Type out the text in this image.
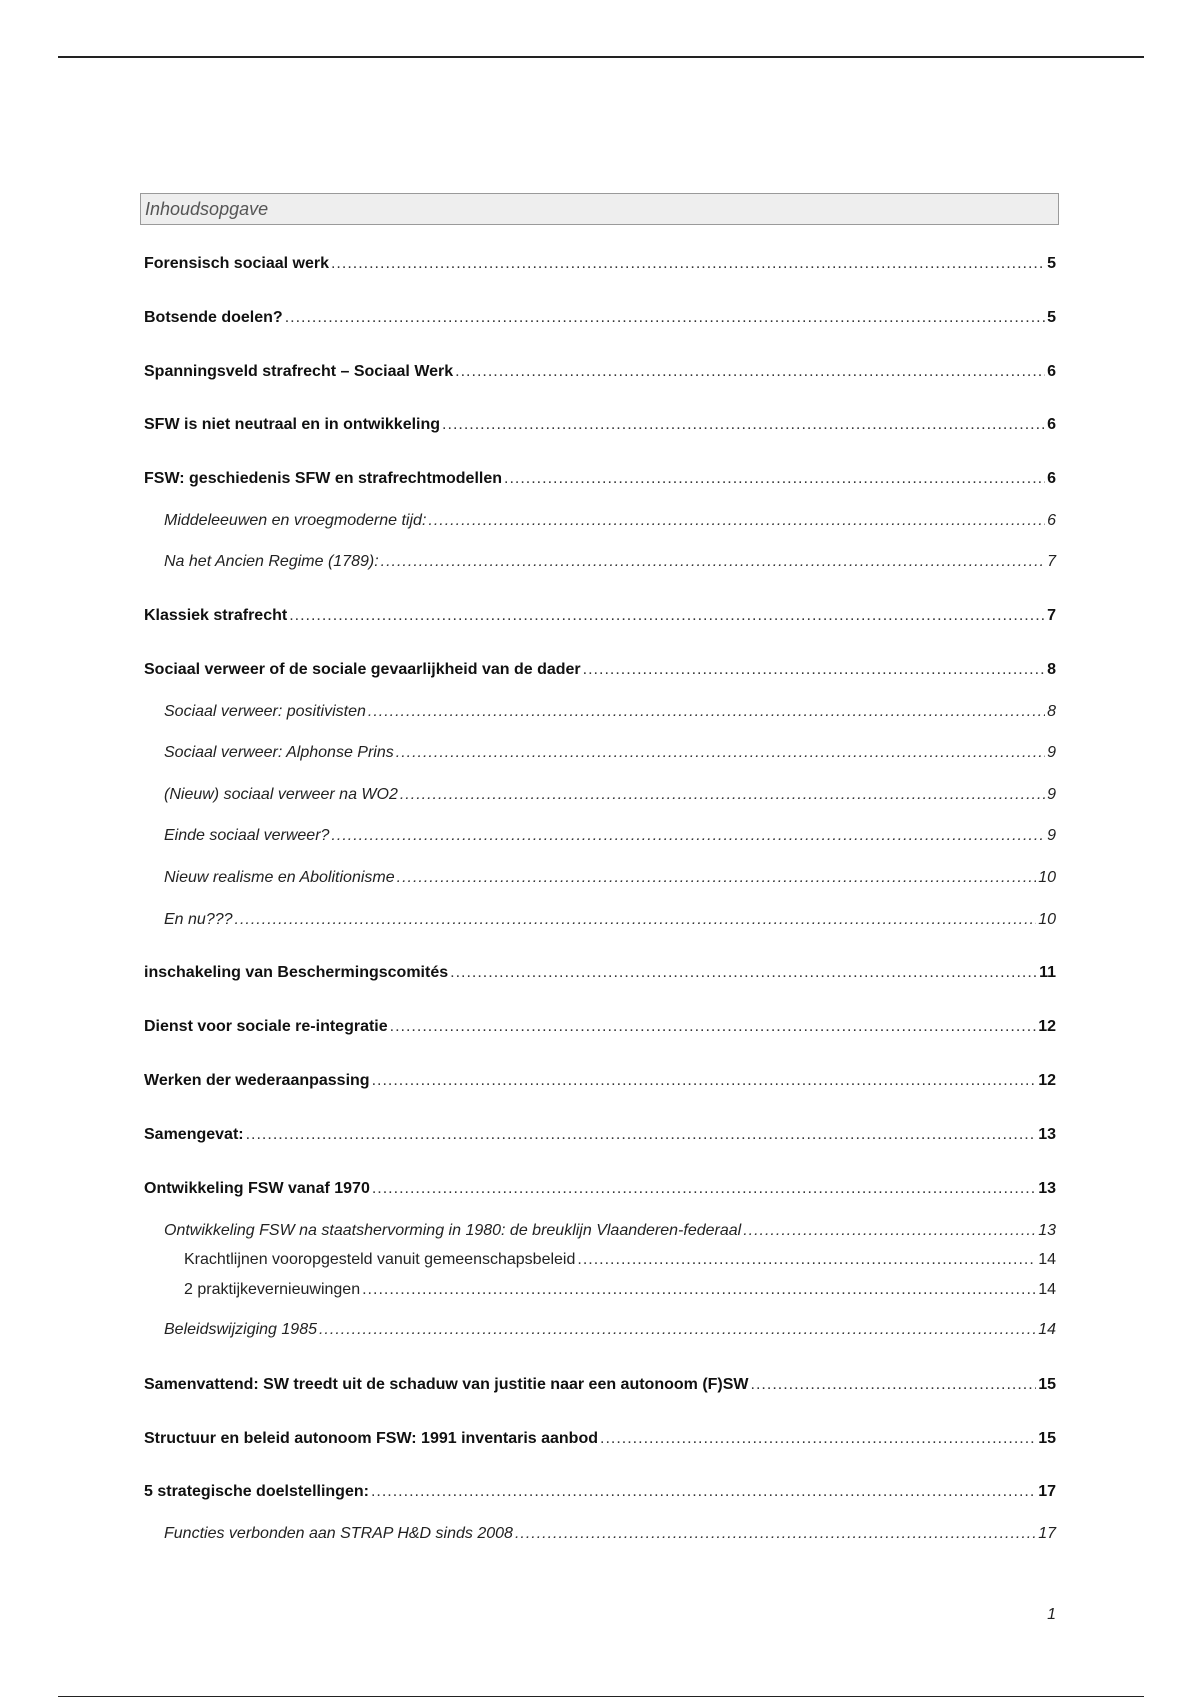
Inhoudsopgave
Forensisch sociaal werk .....	5
Botsende doelen? .....	5
Spanningsveld strafrecht – Sociaal Werk .....	6
SFW is niet neutraal en in ontwikkeling .....	6
FSW: geschiedenis SFW en strafrechtmodellen .....	6
Middeleeuwen en vroegmoderne tijd: .....	6
Na het Ancien Regime (1789): .....	7
Klassiek strafrecht .....	7
Sociaal verweer of de sociale gevaarlijkheid van de dader .....	8
Sociaal verweer: positivisten .....	8
Sociaal verweer: Alphonse Prins .....	9
(Nieuw) sociaal verweer na WO2 .....	9
Einde sociaal verweer? .....	9
Nieuw realisme en Abolitionisme .....	10
En nu??? .....	10
inschakeling van Beschermingscomités .....	11
Dienst voor sociale re-integratie .....	12
Werken der wederaanpassing .....	12
Samengevat: .....	13
Ontwikkeling FSW vanaf 1970 .....	13
Ontwikkeling FSW na staatshervorming in 1980: de breuklijn Vlaanderen-federaal .....	13
Krachtlijnen vooropgesteld vanuit gemeenschapsbeleid .....	14
2 praktijkevernieuwingen .....	14
Beleidswijziging 1985 .....	14
Samenvattend: SW treedt uit de schaduw van justitie naar een autonoom (F)SW .....	15
Structuur en beleid autonoom FSW: 1991 inventaris aanbod .....	15
5 strategische doelstellingen: .....	17
Functies verbonden aan STRAP H&D sinds 2008 .....	17
1
